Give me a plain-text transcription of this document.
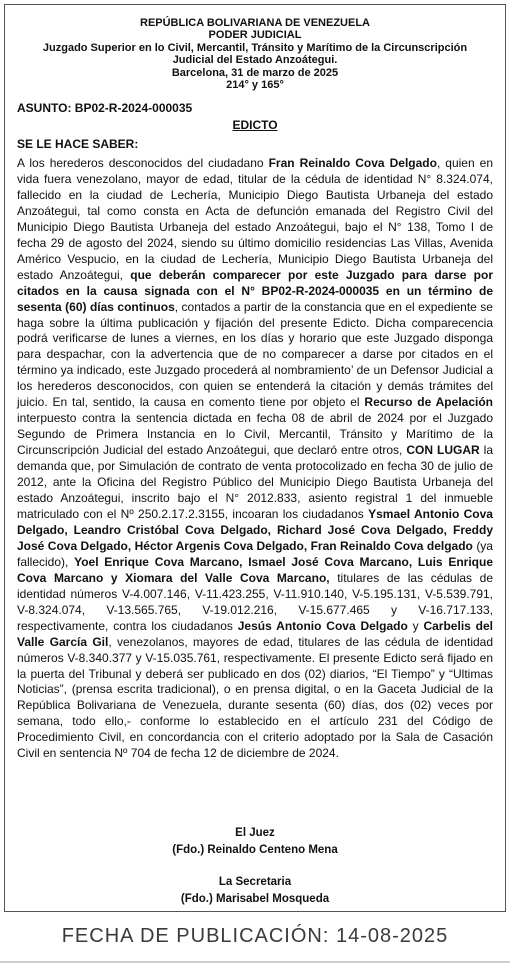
REPÚBLICA BOLIVARIANA DE VENEZUELA
PODER JUDICIAL
Juzgado Superior en lo Civil, Mercantil, Tránsito y Marítimo de la Circunscripción Judicial del Estado Anzoátegui.
Barcelona, 31 de marzo de 2025
214° y 165°
ASUNTO: BP02-R-2024-000035
EDICTO
SE LE HACE SABER:
A los herederos desconocidos del ciudadano Fran Reinaldo Cova Delgado, quien en vida fuera venezolano, mayor de edad, titular de la cédula de identidad N° 8.324.074, fallecido en la ciudad de Lechería, Municipio Diego Bautista Urbaneja del estado Anzoátegui, tal como consta en Acta de defunción emanada del Registro Civil del Municipio Diego Bautista Urbaneja del estado Anzoátegui, bajo el N° 138, Tomo I de fecha 29 de agosto del 2024, siendo su último domicilio residencias Las Villas, Avenida Américo Vespucio, en la ciudad de Lechería, Municipio Diego Bautista Urbaneja del estado Anzoátegui, que deberán comparecer por este Juzgado para darse por citados en la causa signada con el N° BP02-R-2024-000035 en un término de sesenta (60) días continuos, contados a partir de la constancia que en el expediente se haga sobre la última publicación y fijación del presente Edicto. Dicha comparecencia podrá verificarse de lunes a viernes, en los días y horario que este Juzgado disponga para despachar, con la advertencia que de no comparecer a darse por citados en el término ya indicado, este Juzgado procederá al nombramiento’ de un Defensor Judicial a los herederos desconocidos, con quien se entenderá la citación y demás trámites del juicio. En tal, sentido, la causa en comento tiene por objeto el Recurso de Apelación interpuesto contra la sentencia dictada en fecha 08 de abril de 2024 por el Juzgado Segundo de Primera Instancia en lo Civil, Mercantil, Tránsito y Marítimo de la Circunscripción Judicial del estado Anzoátegui, que declaró entre otros, CON LUGAR la demanda que, por Simulación de contrato de venta protocolizado en fecha 30 de julio de 2012, ante la Oficina del Registro Público del Municipio Diego Bautista Urbaneja del estado Anzoátegui, inscrito bajo el N° 2012.833, asiento registral 1 del inmueble matriculado con el Nº 250.2.17.2.3155, incoaran los ciudadanos Ysmael Antonio Cova Delgado, Leandro Cristóbal Cova Delgado, Richard José Cova Delgado, Freddy José Cova Delgado, Héctor Argenis Cova Delgado, Fran Reinaldo Cova delgado (ya fallecido), Yoel Enrique Cova Marcano, Ismael José Cova Marcano, Luis Enrique Cova Marcano y Xiomara del Valle Cova Marcano, titulares de las cédulas de identidad números V-4.007.146, V-11.423.255, V-11.910.140, V-5.195.131, V-5.539.791, V-8.324.074, V-13.565.765, V-19.012.216, V-15.677.465 y V-16.717.133, respectivamente, contra los ciudadanos Jesús Antonio Cova Delgado y Carbelis del Valle García Gil, venezolanos, mayores de edad, titulares de las cédula de identidad números V-8.340.377 y V-15.035.761, respectivamente. El presente Edicto será fijado en la puerta del Tribunal y deberá ser publicado en dos (02) diarios, “El Tiempo” y “Ultimas Noticias”, (prensa escrita tradicional), o en prensa digital, o en la Gaceta Judicial de la República Bolivariana de Venezuela, durante sesenta (60) días, dos (02) veces por semana, todo ello,- conforme lo establecido en el artículo 231 del Código de Procedimiento Civil, en concordancia con el criterio adoptado por la Sala de Casación Civil en sentencia Nº 704 de fecha 12 de diciembre de 2024.
El Juez
(Fdo.) Reinaldo Centeno Mena
La Secretaria
(Fdo.) Marisabel Mosqueda
FECHA DE PUBLICACIÓN: 14-08-2025
